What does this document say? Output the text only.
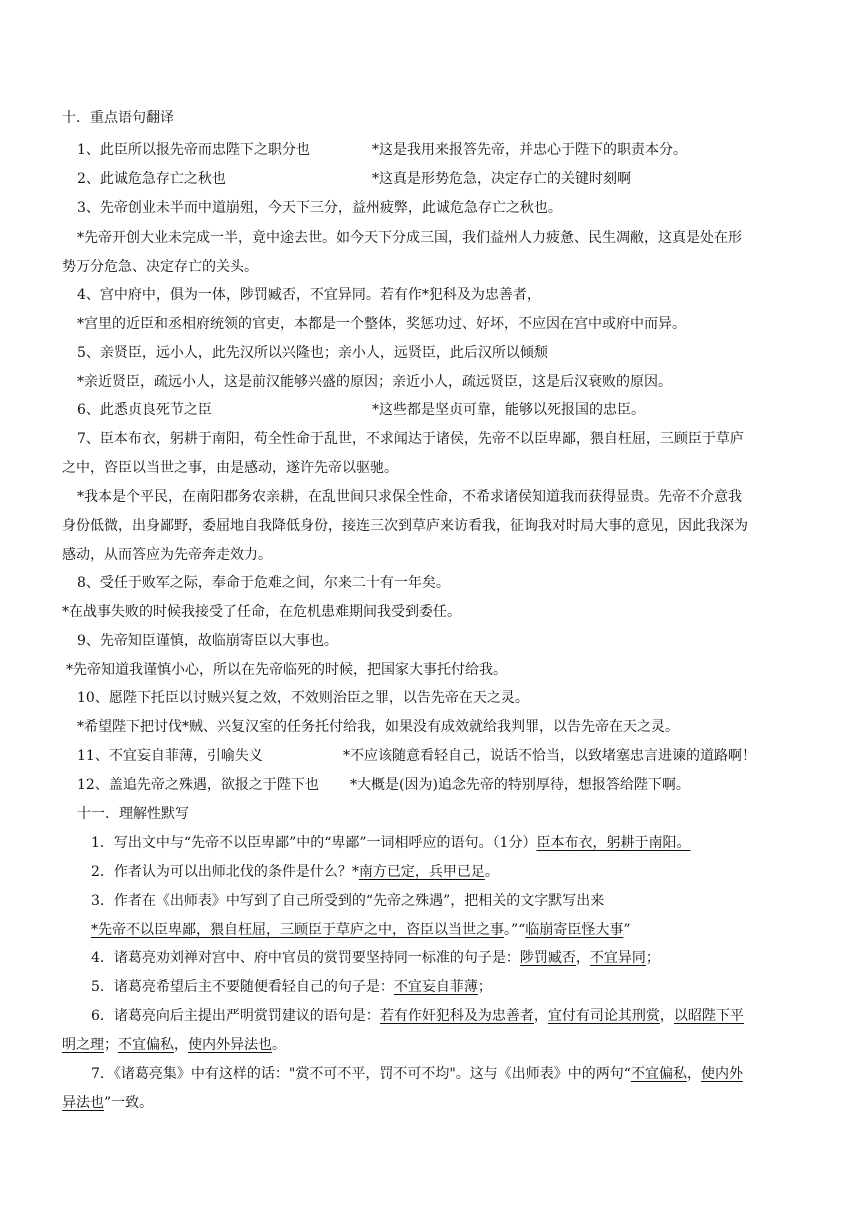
十．重点语句翻译
1、此臣所以报先帝而忠陛下之职分也	*这是我用来报答先帝，并忠心于陛下的职责本分。
2、此诚危急存亡之秋也	*这真是形势危急，决定存亡的关键时刻啊
3、先帝创业未半而中道崩殂，今天下三分，益州疲弊，此诚危急存亡之秋也。
*先帝开创大业未完成一半，竟中途去世。如今天下分成三国，我们益州人力疲惫、民生凋敝，这真是处在形
势万分危急、决定存亡的关头。
4、宫中府中，俱为一体，陟罚臧否，不宜异同。若有作*犯科及为忠善者，
*宫里的近臣和丞相府统领的官吏，本都是一个整体，奖惩功过、好坏，不应因在宫中或府中而异。
5、亲贤臣，远小人，此先汉所以兴隆也；亲小人，远贤臣，此后汉所以倾颓
*亲近贤臣，疏远小人，这是前汉能够兴盛的原因；亲近小人，疏远贤臣，这是后汉衰败的原因。
6、此悉贞良死节之臣	*这些都是坚贞可靠，能够以死报国的忠臣。
7、臣本布衣，躬耕于南阳，苟全性命于乱世，不求闻达于诸侯，先帝不以臣卑鄙，猥自枉屈，三顾臣于草庐
之中，咨臣以当世之事，由是感动，遂许先帝以驱驰。
*我本是个平民，在南阳郡务农亲耕，在乱世间只求保全性命，不希求诸侯知道我而获得显贵。先帝不介意我
身份低微，出身鄙野，委屈地自我降低身份，接连三次到草庐来访看我，征询我对时局大事的意见，因此我深为
感动，从而答应为先帝奔走效力。
8、受任于败军之际，奉命于危难之间，尔来二十有一年矣。
*在战事失败的时候我接受了任命，在危机患难期间我受到委任。
9、先帝知臣谨慎，故临崩寄臣以大事也。
*先帝知道我谨慎小心，所以在先帝临死的时候，把国家大事托付给我。
10、愿陛下托臣以讨贼兴复之效，不效则治臣之罪，以告先帝在天之灵。
*希望陛下把讨伐*贼、兴复汉室的任务托付给我，如果没有成效就给我判罪，以告先帝在天之灵。
11、不宜妄自菲薄，引喻失义	*不应该随意看轻自己，说话不恰当，以致堵塞忠言进谏的道路啊！
12、盖追先帝之殊遇，欲报之于陛下也 *大概是(因为)追念先帝的特别厚待，想报答给陛下啊。
十一．理解性默写
1．写出文中与“先帝不以臣卑鄙”中的“卑鄙”一词相呼应的语句。（1分）臣本布衣，躬耕于南阳。
2．作者认为可以出师北伐的条件是什么？*南方已定，兵甲已足。
3．作者在《出师表》中写到了自己所受到的“先帝之殊遇”，把相关的文字默写出来
*先帝不以臣卑鄙，猥自枉屈，三顾臣于草庐之中，咨臣以当世之事。”“临崩寄臣怪大事”
4．诸葛亮劝刘禅对宫中、府中官员的赏罚要坚持同一标准的句子是：陟罚臧否，不宜异同；
5．诸葛亮希望后主不要随便看轻自己的句子是：不宜妄自菲薄；
6．诸葛亮向后主提出严明赏罚建议的语句是：若有作奸犯科及为忠善者，宜付有司论其刑赏，以昭陛下平
明之理；不宜偏私，使内外异法也。
7．《诸葛亮集》中有这样的话："赏不可不平，罚不可不均"。这与《出师表》中的两句“不宜偏私，使内外
异法也”一致。
